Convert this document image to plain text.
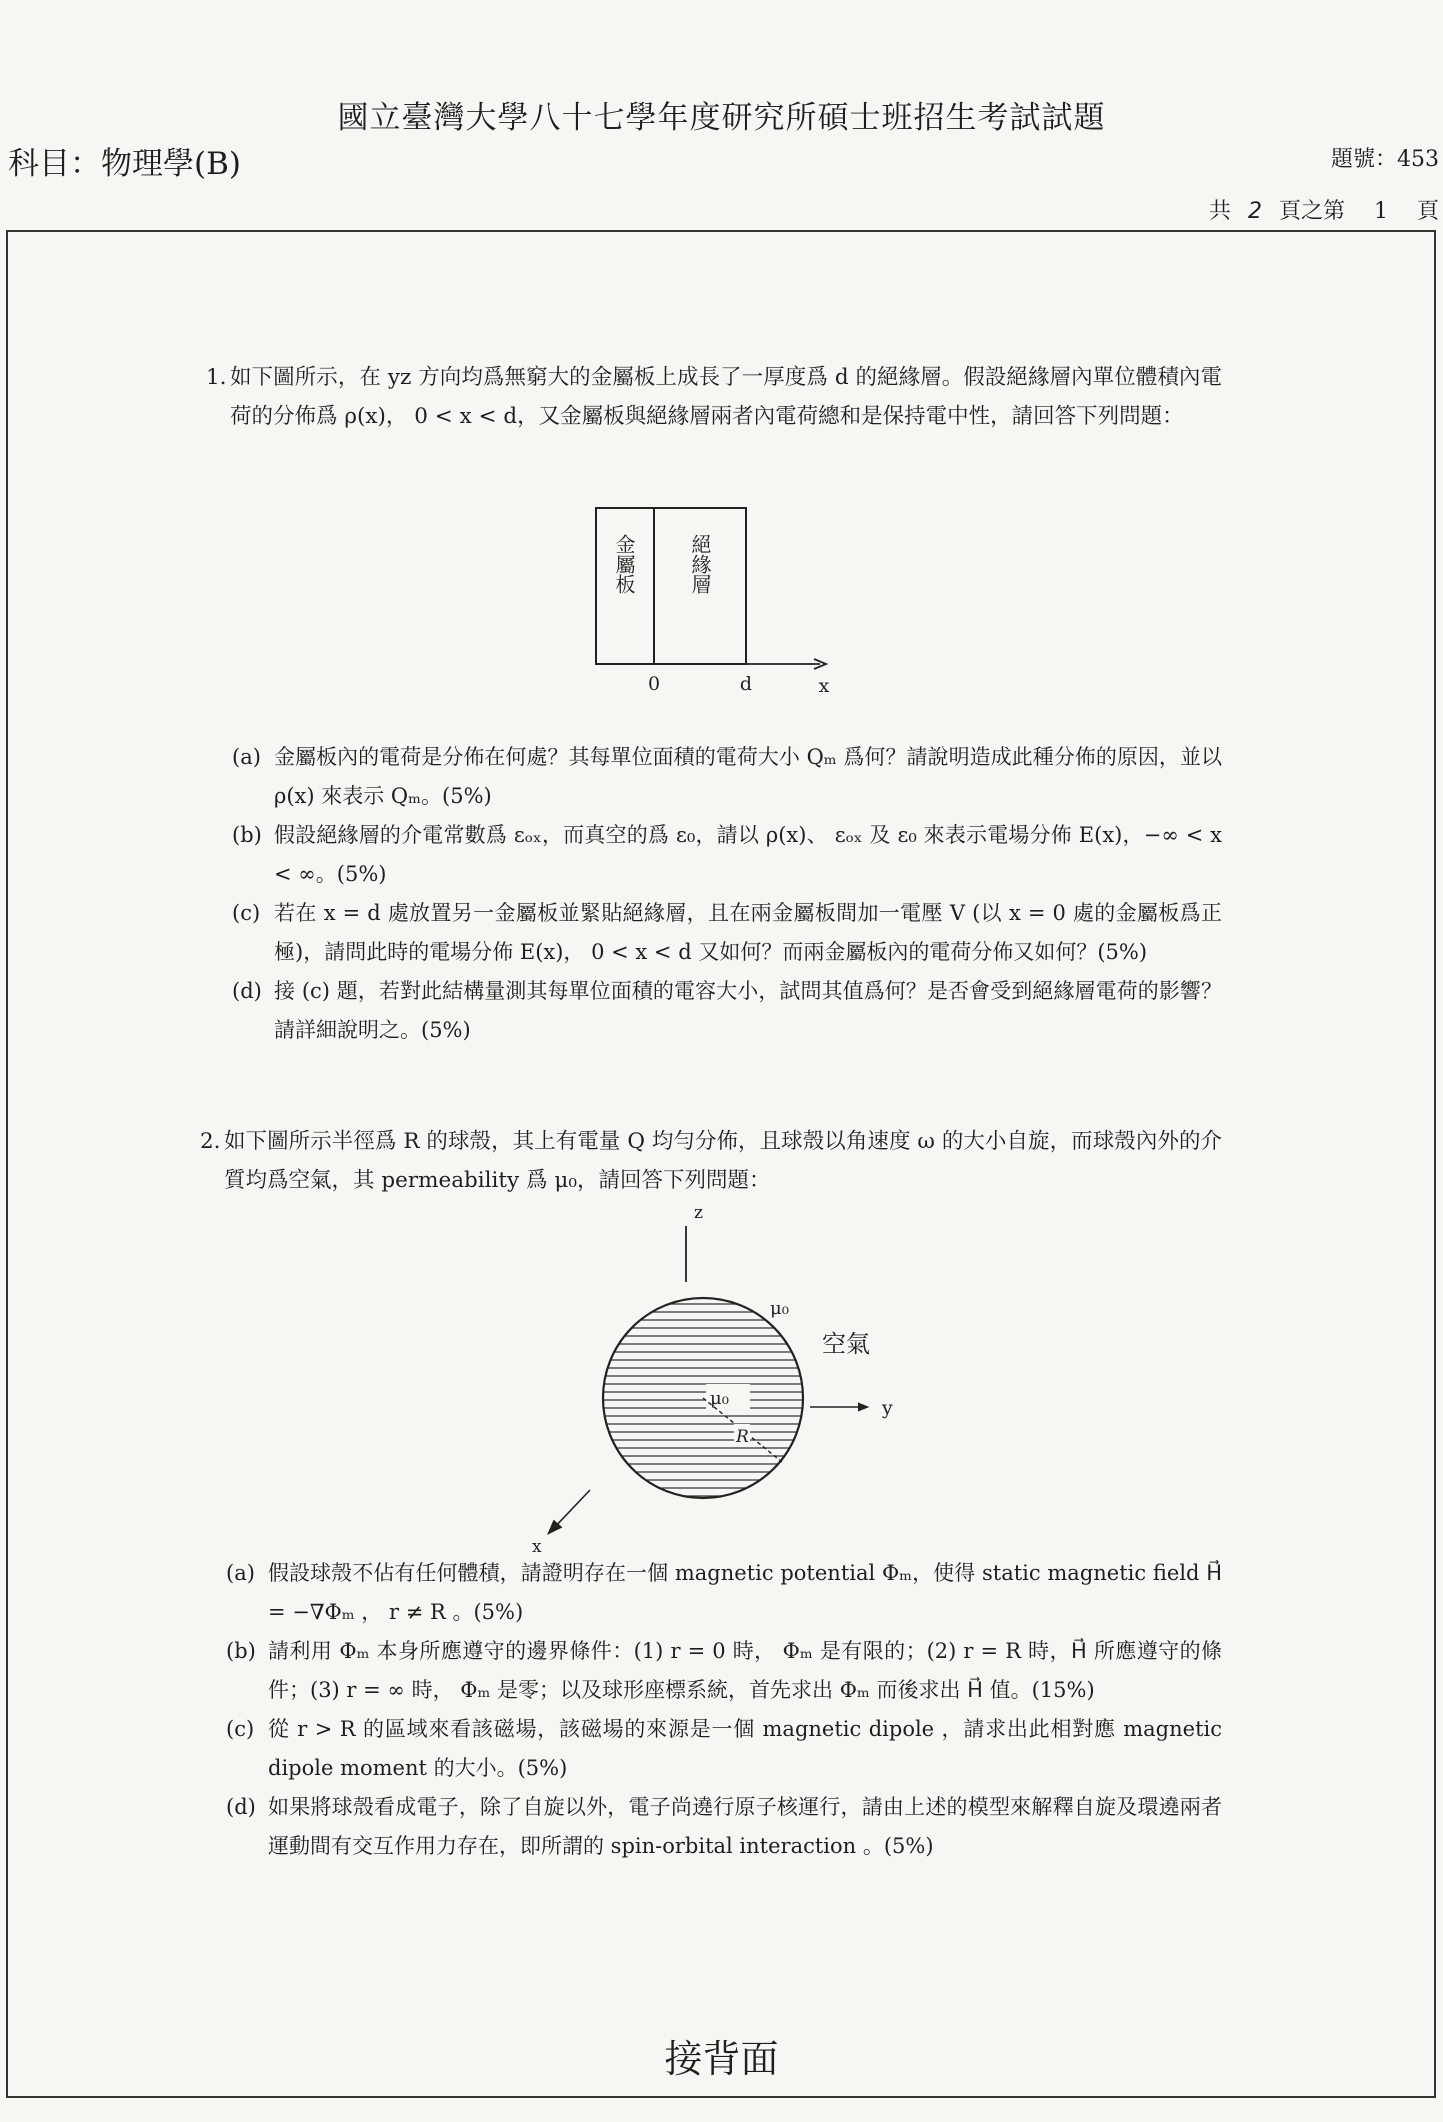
國立臺灣大學八十七學年度研究所碩士班招生考試試題
科目：物理學(B)	題號：453
共 2 頁之第 1 頁
1. 如下圖所示，在 yz 方向均爲無窮大的金屬板上成長了一厚度爲 d 的絕緣層。假設絕緣層內單位體積內電荷的分佈爲 ρ(x)， 0 < x < d，又金屬板與絕緣層兩者內電荷總和是保持電中性，請回答下列問題：
金屬板	絕緣層
0	d	x
(a) 金屬板內的電荷是分佈在何處？其每單位面積的電荷大小 Qₘ 爲何？請說明造成此種分佈的原因，並以 ρ(x) 來表示 Qₘ。(5%)
(b) 假設絕緣層的介電常數爲 εₒₓ，而真空的爲 ε₀，請以 ρ(x)、 εₒₓ 及 ε₀ 來表示電場分佈 E(x)，−∞ < x < ∞。(5%)
(c) 若在 x = d 處放置另一金屬板並緊貼絕緣層，且在兩金屬板間加一電壓 V (以 x = 0 處的金屬板爲正極)，請問此時的電場分佈 E(x)， 0 < x < d 又如何？而兩金屬板內的電荷分佈又如何？(5%)
(d) 接 (c) 題，若對此結構量測其每單位面積的電容大小，試問其值爲何？是否會受到絕緣層電荷的影響？請詳細說明之。(5%)
2. 如下圖所示半徑爲 R 的球殼，其上有電量 Q 均勻分佈，且球殼以角速度 ω 的大小自旋，而球殼內外的介質均爲空氣，其 permeability 爲 μ₀，請回答下列問題：
z
μ₀
R
μ₀
空氣
y
x
(a) 假設球殼不佔有任何體積，請證明存在一個 magnetic potential Φₘ，使得 static magnetic field H⃗ = −∇Φₘ ， r ≠ R 。(5%)
(b) 請利用 Φₘ 本身所應遵守的邊界條件：(1) r = 0 時， Φₘ 是有限的；(2) r = R 時，H⃗ 所應遵守的條件；(3) r = ∞ 時， Φₘ 是零；以及球形座標系統，首先求出 Φₘ 而後求出 H⃗ 值。(15%)
(c) 從 r > R 的區域來看該磁場，該磁場的來源是一個 magnetic dipole ，請求出此相對應 magnetic dipole moment 的大小。(5%)
(d) 如果將球殼看成電子，除了自旋以外，電子尚遶行原子核運行，請由上述的模型來解釋自旋及環遶兩者運動間有交互作用力存在，即所謂的 spin-orbital interaction 。(5%)
接背面
